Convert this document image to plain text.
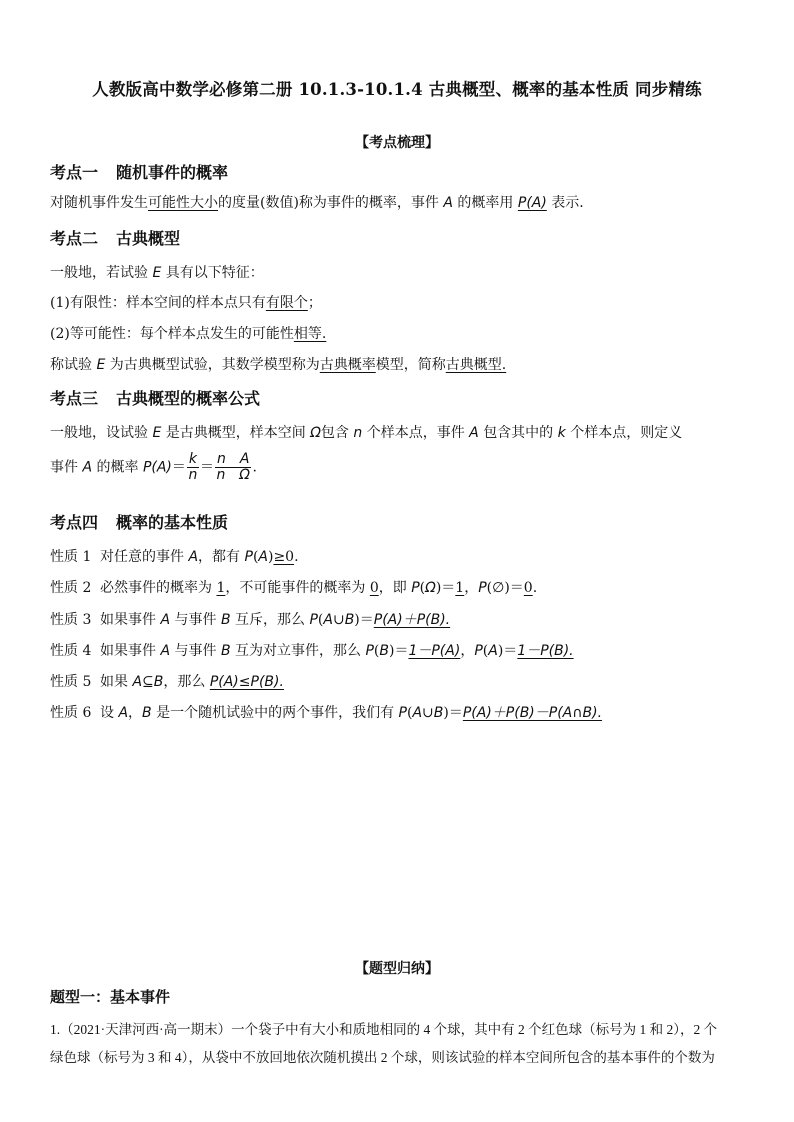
人教版高中数学必修第二册 10.1.3-10.1.4 古典概型、概率的基本性质 同步精练
【考点梳理】
考点一 随机事件的概率
对随机事件发生可能性大小的度量(数值)称为事件的概率，事件 A 的概率用 P(A) 表示.
考点二 古典概型
一般地，若试验 E 具有以下特征：
(1)有限性：样本空间的样本点只有有限个；
(2)等可能性：每个样本点发生的可能性相等.
称试验 E 为古典概型试验，其数学模型称为古典概率模型，简称古典概型.
考点三 古典概型的概率公式
一般地，设试验 E 是古典概型，样本空间 Ω包含 n 个样本点，事件 A 包含其中的 k 个样本点，则定义
事件 A 的概率 $P(A)= \frac{k}{n} = \frac{\text{n　A}}{\text{n　Ω}}$ .
考点四 概率的基本性质
性质 1 对任意的事件 A，都有 P(A)≥0.
性质 2 必然事件的概率为 1，不可能事件的概率为 0，即 P(Ω)＝1，P(∅)＝0.
性质 3 如果事件 A 与事件 B 互斥，那么 P(A∪B)＝P(A)＋P(B).
性质 4 如果事件 A 与事件 B 互为对立事件，那么 P(B)＝1－P(A)，P(A)＝1－P(B).
性质 5 如果 A⊆B，那么 P(A)≤P(B).
性质 6 设 A，B 是一个随机试验中的两个事件，我们有 P(A∪B)＝P(A)＋P(B)－P(A∩B).
【题型归纳】
题型一：基本事件
1.（2021·天津河西·高一期末）一个袋子中有大小和质地相同的 4 个球，其中有 2 个红色球（标号为 1 和 2），2 个
绿色球（标号为 3 和 4），从袋中不放回地依次随机摸出 2 个球，则该试验的样本空间所包含的基本事件的个数为
